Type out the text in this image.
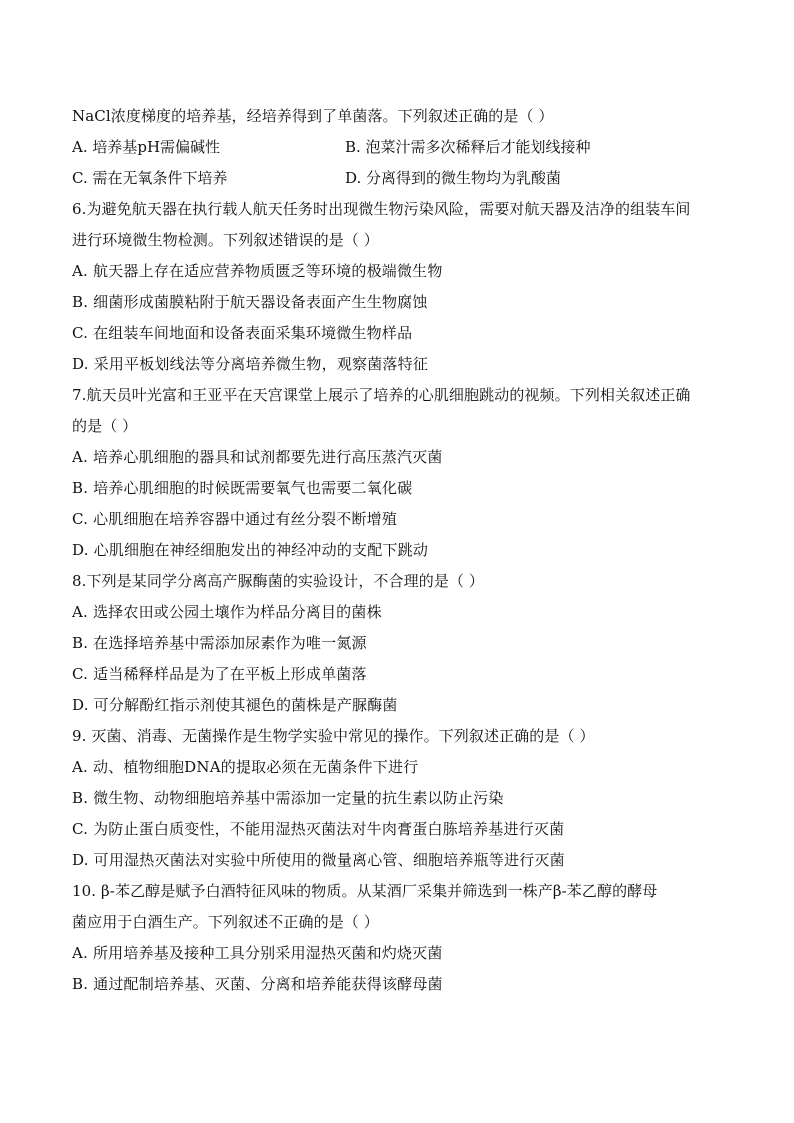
NaCl浓度梯度的培养基，经培养得到了单菌落。下列叙述正确的是（ ）
A. 培养基pH需偏碱性	B. 泡菜汁需多次稀释后才能划线接种
C. 需在无氧条件下培养	D. 分离得到的微生物均为乳酸菌
6.为避免航天器在执行载人航天任务时出现微生物污染风险，需要对航天器及洁净的组装车间
进行环境微生物检测。下列叙述错误的是（ ）
A. 航天器上存在适应营养物质匮乏等环境的极端微生物
B. 细菌形成菌膜粘附于航天器设备表面产生生物腐蚀
C. 在组装车间地面和设备表面采集环境微生物样品
D. 采用平板划线法等分离培养微生物，观察菌落特征
7.航天员叶光富和王亚平在天宫课堂上展示了培养的心肌细胞跳动的视频。下列相关叙述正确
的是（ ）
A. 培养心肌细胞的器具和试剂都要先进行高压蒸汽灭菌
B. 培养心肌细胞的时候既需要氧气也需要二氧化碳
C. 心肌细胞在培养容器中通过有丝分裂不断增殖
D. 心肌细胞在神经细胞发出的神经冲动的支配下跳动
8.下列是某同学分离高产脲酶菌的实验设计，不合理的是（ ）
A. 选择农田或公园土壤作为样品分离目的菌株
B. 在选择培养基中需添加尿素作为唯一氮源
C. 适当稀释样品是为了在平板上形成单菌落
D. 可分解酚红指示剂使其褪色的菌株是产脲酶菌
9. 灭菌、消毒、无菌操作是生物学实验中常见的操作。下列叙述正确的是（ ）
A. 动、植物细胞DNA的提取必须在无菌条件下进行
B. 微生物、动物细胞培养基中需添加一定量的抗生素以防止污染
C. 为防止蛋白质变性，不能用湿热灭菌法对牛肉膏蛋白胨培养基进行灭菌
D. 可用湿热灭菌法对实验中所使用的微量离心管、细胞培养瓶等进行灭菌
10. β-苯乙醇是赋予白酒特征风味的物质。从某酒厂采集并筛选到一株产β-苯乙醇的酵母
菌应用于白酒生产。下列叙述不正确的是（ ）
A. 所用培养基及接种工具分别采用湿热灭菌和灼烧灭菌
B. 通过配制培养基、灭菌、分离和培养能获得该酵母菌
